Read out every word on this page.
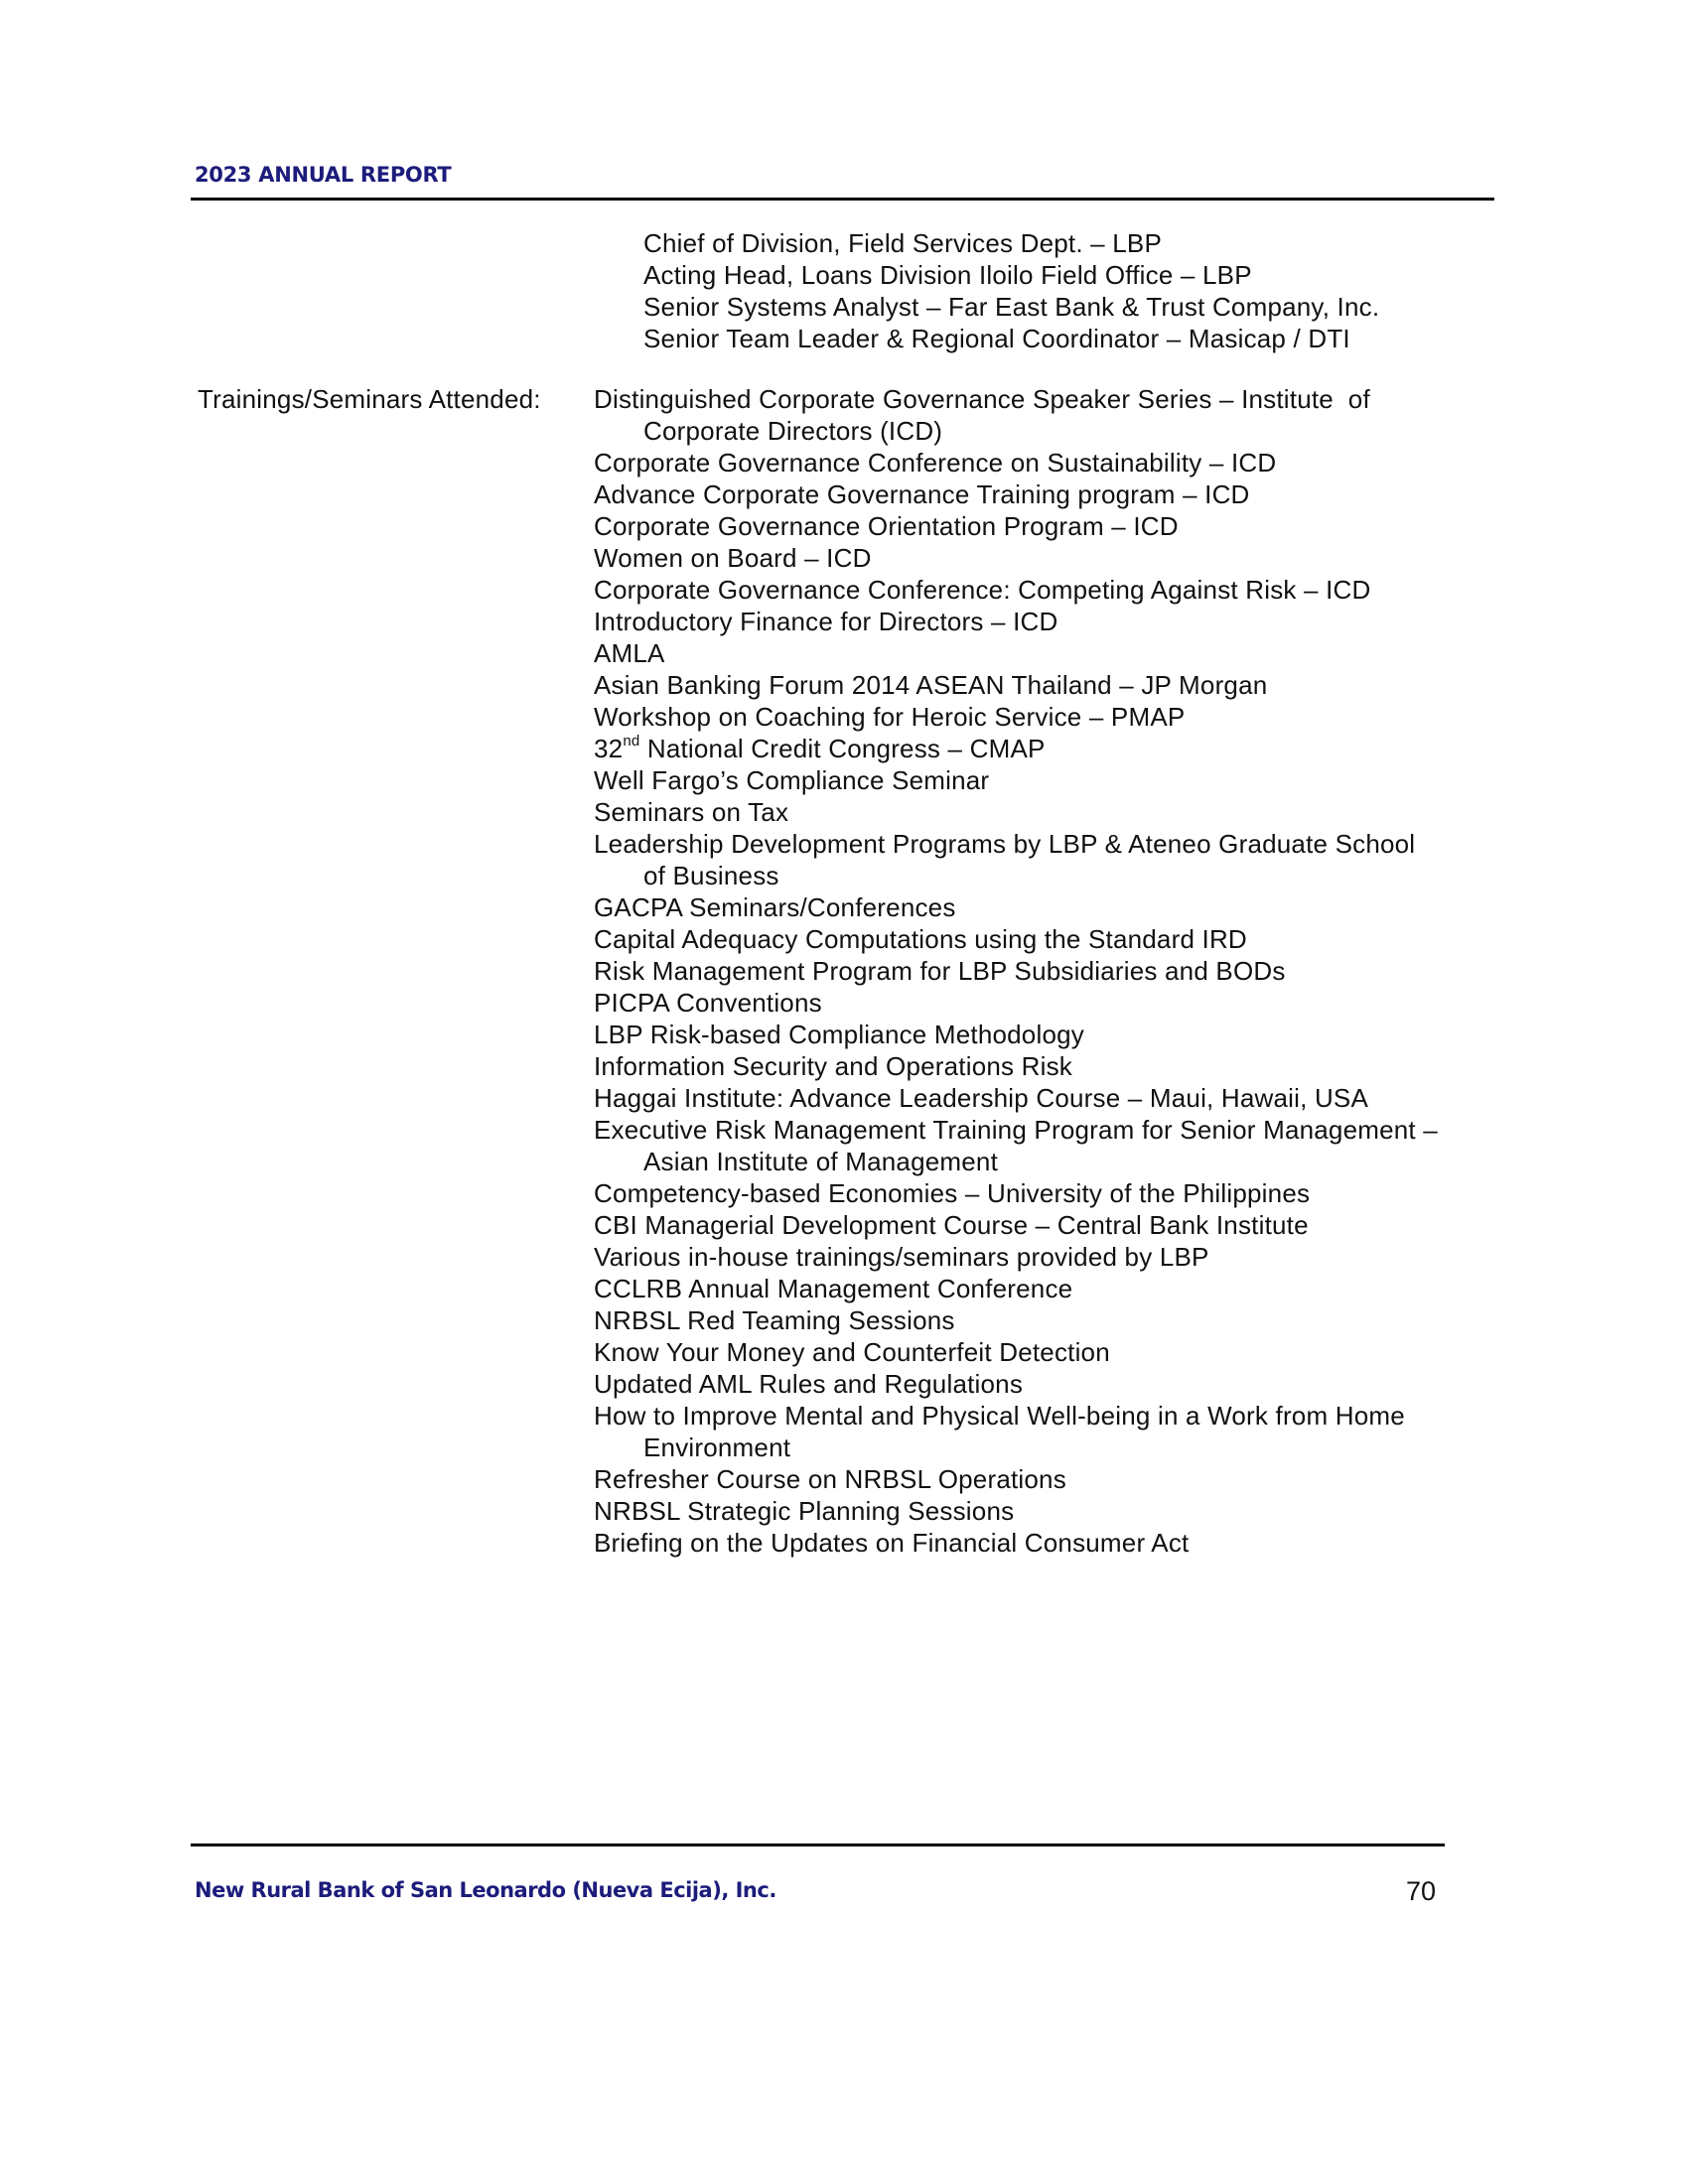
2023 ANNUAL REPORT
Chief of Division, Field Services Dept. – LBP
Acting Head, Loans Division Iloilo Field Office – LBP
Senior Systems Analyst – Far East Bank & Trust Company, Inc.
Senior Team Leader & Regional Coordinator – Masicap / DTI
Trainings/Seminars Attended: Distinguished Corporate Governance Speaker Series – Institute  of
Corporate Directors (ICD)
Corporate Governance Conference on Sustainability – ICD
Advance Corporate Governance Training program – ICD
Corporate Governance Orientation Program – ICD
Women on Board – ICD
Corporate Governance Conference: Competing Against Risk – ICD
Introductory Finance for Directors – ICD
AMLA
Asian Banking Forum 2014 ASEAN Thailand – JP Morgan
Workshop on Coaching for Heroic Service – PMAP
32nd National Credit Congress – CMAP
Well Fargo’s Compliance Seminar
Seminars on Tax
Leadership Development Programs by LBP & Ateneo Graduate School
of Business
GACPA Seminars/Conferences
Capital Adequacy Computations using the Standard IRD
Risk Management Program for LBP Subsidiaries and BODs
PICPA Conventions
LBP Risk-based Compliance Methodology
Information Security and Operations Risk
Haggai Institute: Advance Leadership Course – Maui, Hawaii, USA
Executive Risk Management Training Program for Senior Management –
Asian Institute of Management
Competency-based Economies – University of the Philippines
CBI Managerial Development Course – Central Bank Institute
Various in-house trainings/seminars provided by LBP
CCLRB Annual Management Conference
NRBSL Red Teaming Sessions
Know Your Money and Counterfeit Detection
Updated AML Rules and Regulations
How to Improve Mental and Physical Well-being in a Work from Home
Environment
Refresher Course on NRBSL Operations
NRBSL Strategic Planning Sessions
Briefing on the Updates on Financial Consumer Act
New Rural Bank of San Leonardo (Nueva Ecija), Inc.	70
